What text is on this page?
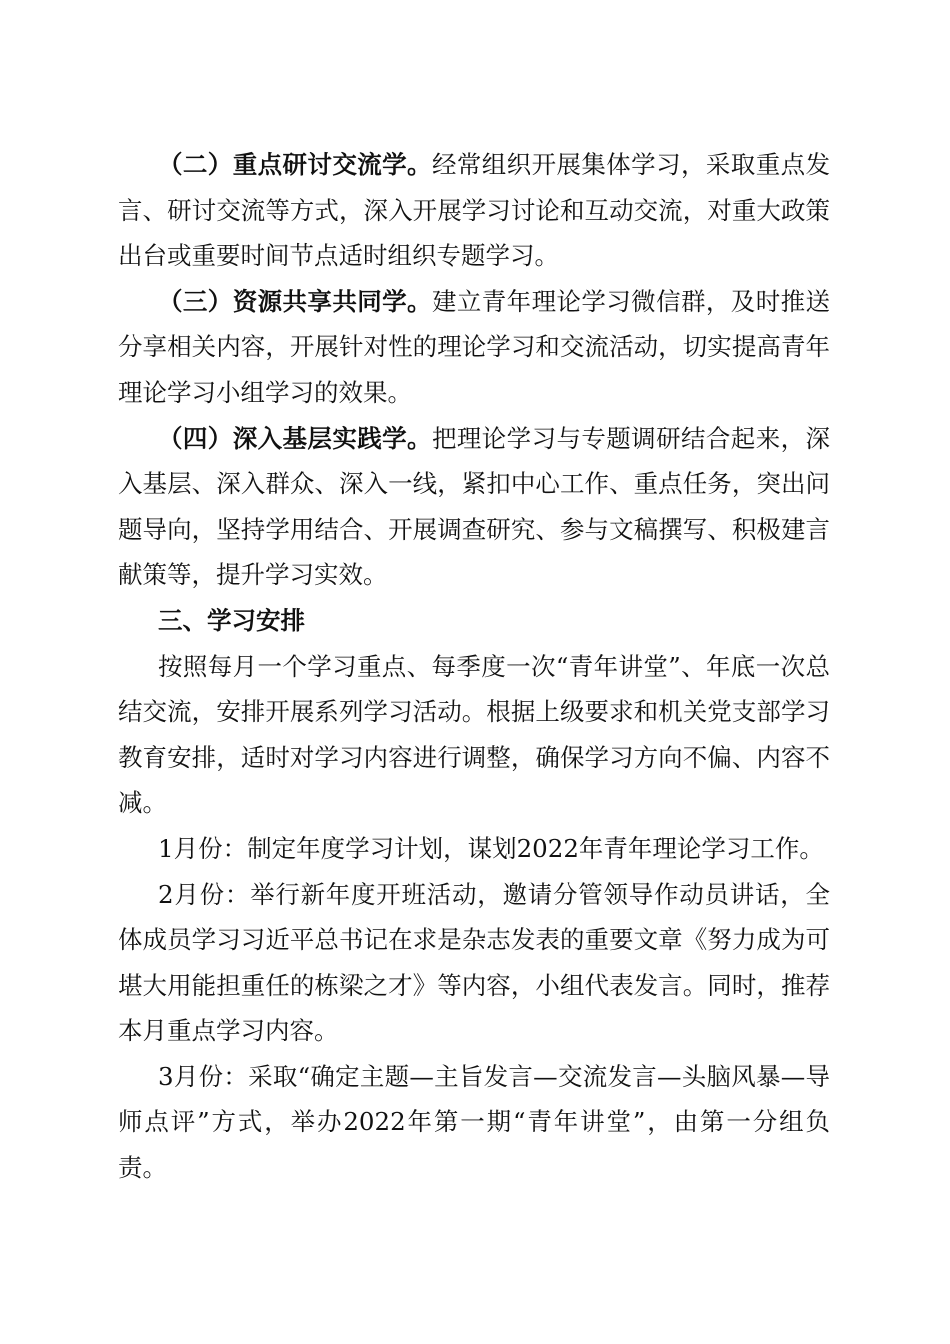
（二）重点研讨交流学。经常组织开展集体学习，采取重点发言、研讨交流等方式，深入开展学习讨论和互动交流，对重大政策出台或重要时间节点适时组织专题学习。

（三）资源共享共同学。建立青年理论学习微信群，及时推送分享相关内容，开展针对性的理论学习和交流活动，切实提高青年理论学习小组学习的效果。

（四）深入基层实践学。把理论学习与专题调研结合起来，深入基层、深入群众、深入一线，紧扣中心工作、重点任务，突出问题导向，坚持学用结合、开展调查研究、参与文稿撰写、积极建言献策等，提升学习实效。

三、学习安排

按照每月一个学习重点、每季度一次“青年讲堂”、年底一次总结交流，安排开展系列学习活动。根据上级要求和机关党支部学习教育安排，适时对学习内容进行调整，确保学习方向不偏、内容不减。

1月份：制定年度学习计划，谋划2022年青年理论学习工作。

2月份：举行新年度开班活动，邀请分管领导作动员讲话，全体成员学习习近平总书记在求是杂志发表的重要文章《努力成为可堪大用能担重任的栋梁之才》等内容，小组代表发言。同时，推荐本月重点学习内容。

3月份：采取“确定主题—主旨发言—交流发言—头脑风暴—导师点评”方式，举办2022年第一期“青年讲堂”，由第一分组负责。
